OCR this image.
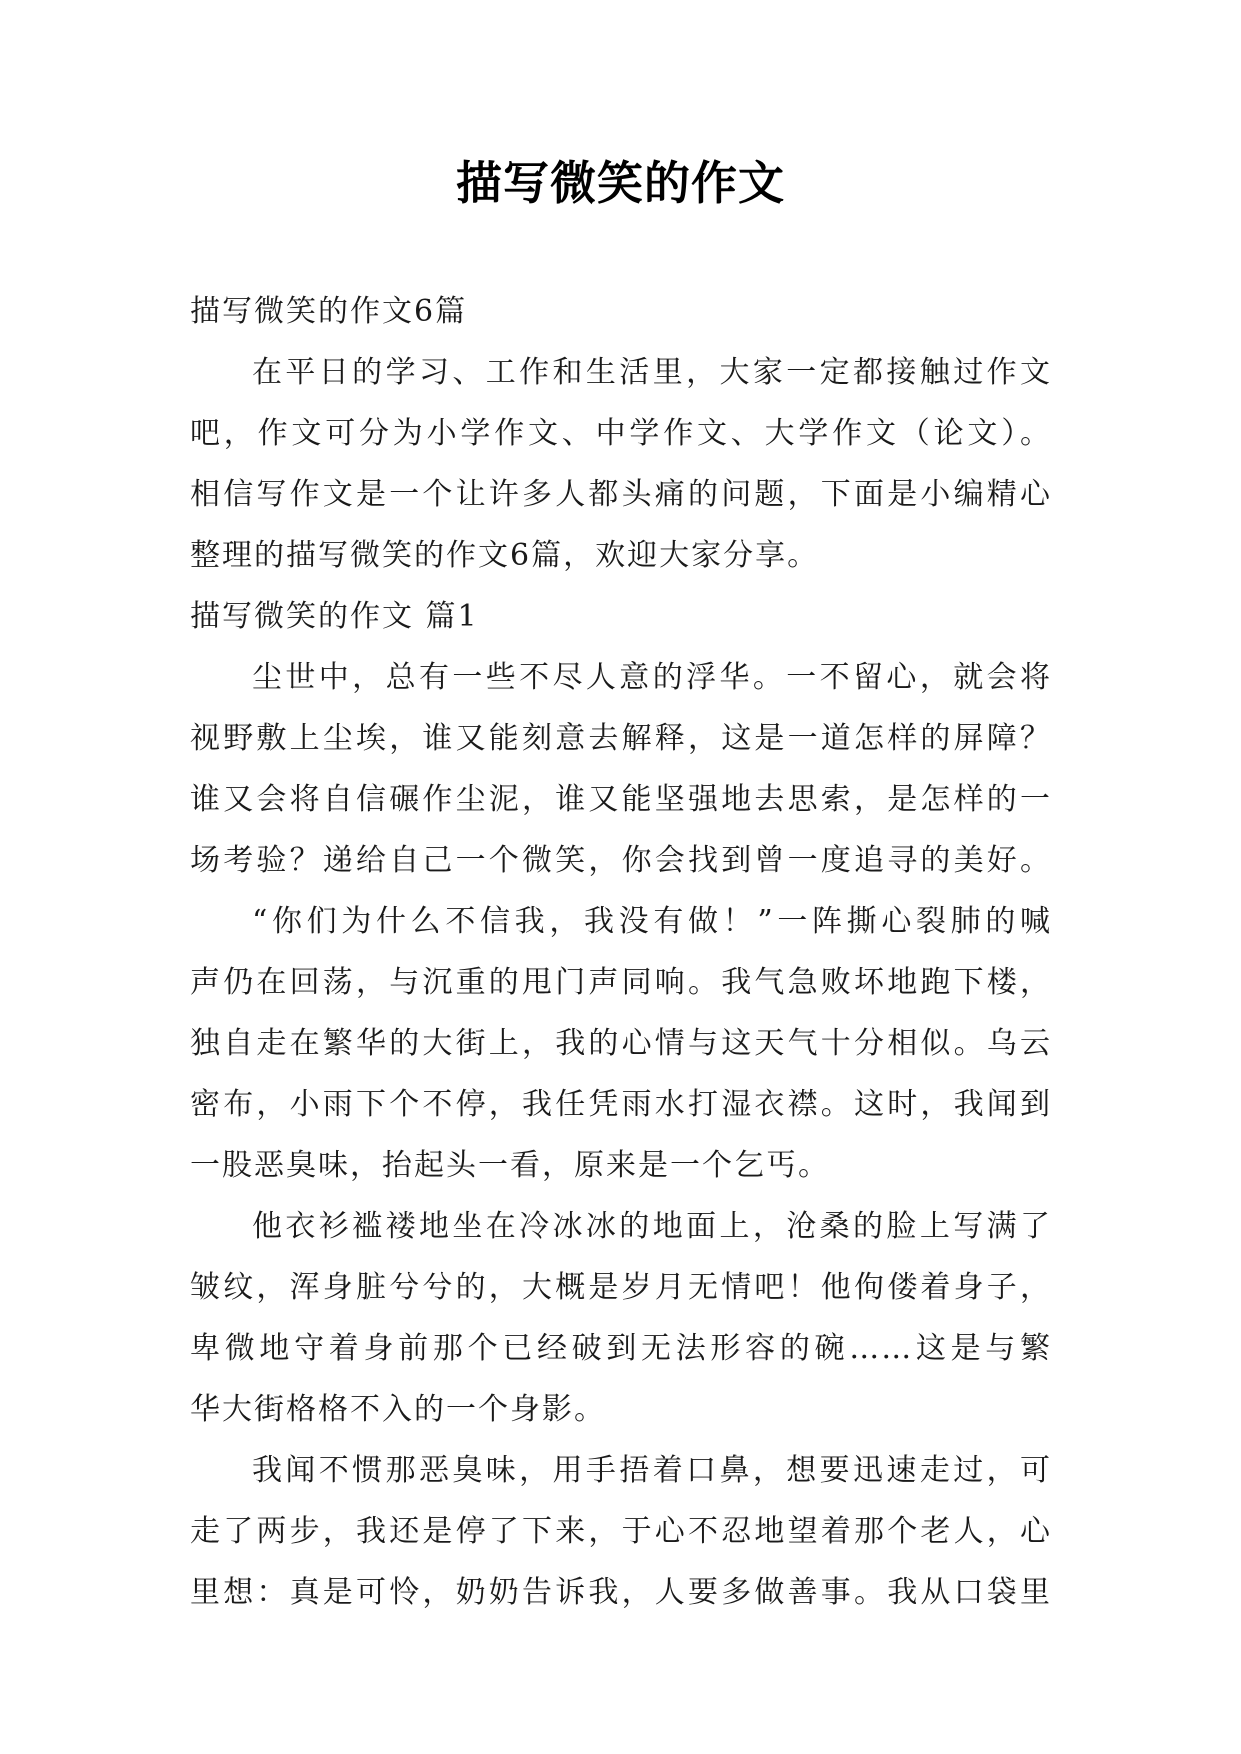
描写微笑的作文
描写微笑的作文6篇
在平日的学习、工作和生活里，大家一定都接触过作文
吧，作文可分为小学作文、中学作文、大学作文（论文）。
相信写作文是一个让许多人都头痛的问题，下面是小编精心
整理的描写微笑的作文6篇，欢迎大家分享。
描写微笑的作文 篇1
尘世中，总有一些不尽人意的浮华。一不留心，就会将
视野敷上尘埃，谁又能刻意去解释，这是一道怎样的屏障？
谁又会将自信碾作尘泥，谁又能坚强地去思索，是怎样的一
场考验？递给自己一个微笑，你会找到曾一度追寻的美好。
“你们为什么不信我，我没有做！”一阵撕心裂肺的喊
声仍在回荡，与沉重的甩门声同响。我气急败坏地跑下楼，
独自走在繁华的大街上，我的心情与这天气十分相似。乌云
密布，小雨下个不停，我任凭雨水打湿衣襟。这时，我闻到
一股恶臭味，抬起头一看，原来是一个乞丐。
他衣衫褴褛地坐在冷冰冰的地面上，沧桑的脸上写满了
皱纹，浑身脏兮兮的，大概是岁月无情吧！他佝偻着身子，
卑微地守着身前那个已经破到无法形容的碗……这是与繁
华大街格格不入的一个身影。
我闻不惯那恶臭味，用手捂着口鼻，想要迅速走过，可
走了两步，我还是停了下来，于心不忍地望着那个老人，心
里想：真是可怜，奶奶告诉我，人要多做善事。我从口袋里
